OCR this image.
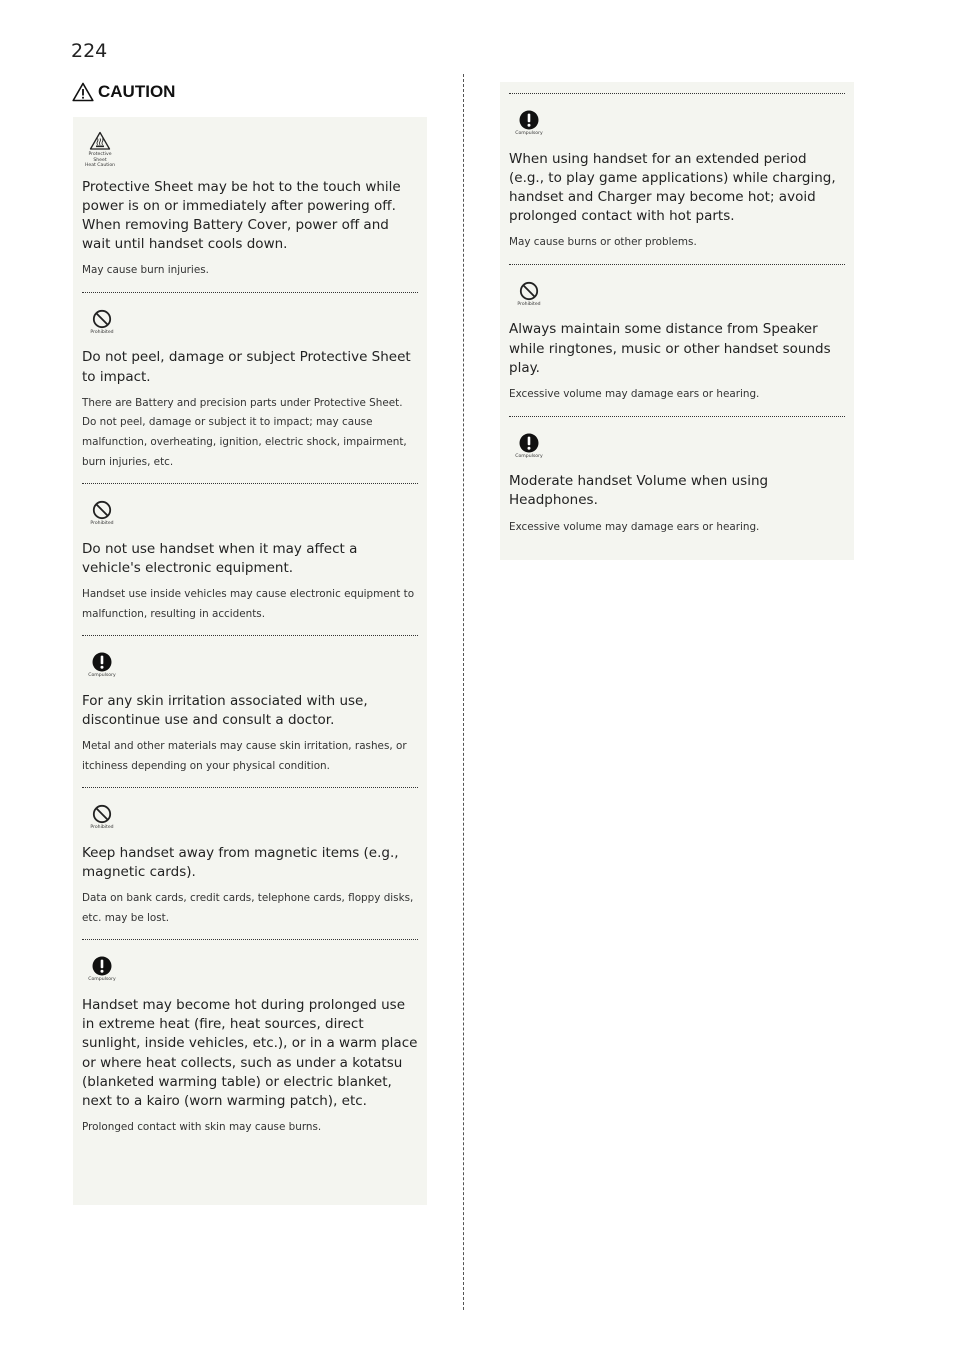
224
CAUTION
Protective Sheet
Heat Caution

Protective Sheet may be hot to the touch while power is on or immediately after powering off. When removing Battery Cover, power off and wait until handset cools down.

May cause burn injuries.

Prohibited

Do not peel, damage or subject Protective Sheet to impact.

There are Battery and precision parts under Protective Sheet.

Do not peel, damage or subject it to impact; may cause malfunction, overheating, ignition, electric shock, impairment, burn injuries, etc.

Prohibited

Do not use handset when it may affect a vehicle's electronic equipment.

Handset use inside vehicles may cause electronic equipment to malfunction, resulting in accidents.

Compulsory

For any skin irritation associated with use, discontinue use and consult a doctor.

Metal and other materials may cause skin irritation, rashes, or itchiness depending on your physical condition.

Prohibited

Keep handset away from magnetic items (e.g., magnetic cards).

Data on bank cards, credit cards, telephone cards, floppy disks, etc. may be lost.

Compulsory

Handset may become hot during prolonged use in extreme heat (fire, heat sources, direct sunlight, inside vehicles, etc.), or in a warm place or where heat collects, such as under a kotatsu (blanketed warming table) or electric blanket, next to a kairo (worn warming patch), etc.

Prolonged contact with skin may cause burns.

Compulsory

When using handset for an extended period (e.g., to play game applications) while charging, handset and Charger may become hot; avoid prolonged contact with hot parts.

May cause burns or other problems.

Prohibited

Always maintain some distance from Speaker while ringtones, music or other handset sounds play.

Excessive volume may damage ears or hearing.

Compulsory

Moderate handset Volume when using Headphones.

Excessive volume may damage ears or hearing.
